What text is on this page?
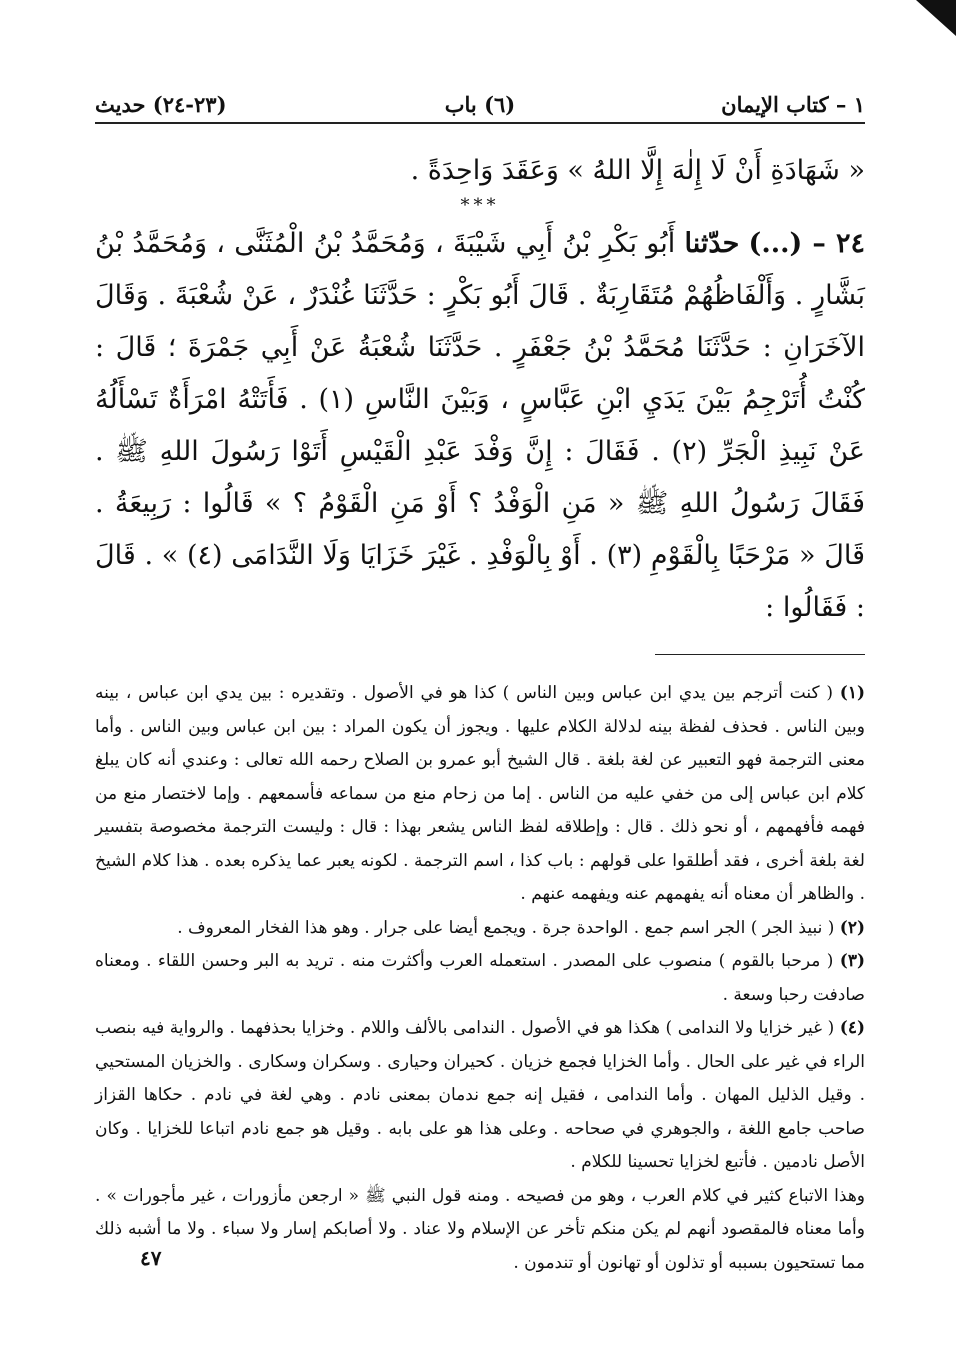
١ – كتاب الإيمان
(٦) باب
(٢٣-٢٤) حديث
« شَهَادَةِ أَنْ لَا إِلٰهَ إِلَّا اللهُ » وَعَقَدَ وَاحِدَةً .
***
٢٤ – (...) حدّثنا أَبُو بَكْرِ بْنُ أَبِي شَيْبَةَ ، وَمُحَمَّدُ بْنُ الْمُثَنَّى ، وَمُحَمَّدُ بْنُ بَشَّارٍ . وَأَلْفَاظُهُمْ مُتَقَارِبَةٌ . قَالَ أَبُو بَكْرٍ : حَدَّثَنَا غُنْدَرٌ ، عَنْ شُعْبَةَ . وَقَالَ الآخَرَانِ : حَدَّثَنَا مُحَمَّدُ بْنُ جَعْفَرٍ . حَدَّثَنَا شُعْبَةُ عَنْ أَبِي جَمْرَةَ ؛ قَالَ : كُنْتُ أُتَرْجِمُ بَيْنَ يَدَيِ ابْنِ عَبَّاسٍ ، وَبَيْنَ النَّاسِ (١) . فَأَتَتْهُ امْرَأَةٌ تَسْأَلُهُ عَنْ نَبِيذِ الْجَرِّ (٢) . فَقَالَ : إِنَّ وَفْدَ عَبْدِ الْقَيْسِ أَتَوْا رَسُولَ اللهِ ﷺ . فَقَالَ رَسُولُ اللهِ ﷺ « مَنِ الْوَفْدُ ؟ أَوْ مَنِ الْقَوْمُ ؟ » قَالُوا : رَبِيعَةُ . قَالَ « مَرْحَبًا بِالْقَوْمِ (٣) . أَوْ بِالْوَفْدِ . غَيْرَ خَزَايَا وَلَا النَّدَامَى (٤) » . قَالَ : فَقَالُوا :

(١) ( كنت أترجم بين يدي ابن عباس وبين الناس ) كذا هو في الأصول . وتقديره : بين يدي ابن عباس ، بينه وبين الناس . فحذف لفظة بينه لدلالة الكلام عليها . ويجوز أن يكون المراد : بين ابن عباس وبين الناس . وأما معنى الترجمة فهو التعبير عن لغة بلغة . قال الشيخ أبو عمرو بن الصلاح رحمه الله تعالى : وعندي أنه كان يبلغ كلام ابن عباس إلى من خفي عليه من الناس . إما من زحام منع من سماعه فأسمعهم . وإما لاختصار منع من فهمه فأفهمهم ، أو نحو ذلك . قال : وإطلاقه لفظ الناس يشعر بهذا : قال : وليست الترجمة مخصوصة بتفسير لغة بلغة أخرى ، فقد أطلقوا على قولهم : باب كذا ، اسم الترجمة . لكونه يعبر عما يذكره بعده . هذا كلام الشيخ . والظاهر أن معناه أنه يفهمهم عنه ويفهمه عنهم .

(٢) ( نبيذ الجر ) الجر اسم جمع . الواحدة جرة . ويجمع أيضا على جرار . وهو هذا الفخار المعروف .

(٣) ( مرحبا بالقوم ) منصوب على المصدر . استعمله العرب وأكثرت منه . تريد به البر وحسن اللقاء . ومعناه صادفت رحبا وسعة .

(٤) ( غير خزايا ولا الندامى ) هكذا هو في الأصول . الندامى بالألف واللام . وخزايا بحذفهما . والرواية فيه بنصب الراء في غير على الحال . وأما الخزايا فجمع خزيان . كحيران وحيارى . وسكران وسكارى . والخزيان المستحيي . وقيل الذليل المهان . وأما الندامى ، فقيل إنه جمع ندمان بمعنى نادم . وهي لغة في نادم . حكاها القزاز صاحب جامع اللغة ، والجوهري في صحاحه . وعلى هذا هو على بابه . وقيل هو جمع نادم اتباعا للخزايا . وكان الأصل نادمين . فأتبع لخزايا تحسينا للكلام .

وهذا الاتباع كثير في كلام العرب ، وهو من فصيحه . ومنه قول النبي ﷺ « ارجعن مأزورات ، غير مأجورات » . وأما معناه فالمقصود أنهم لم يكن منكم تأخر عن الإسلام ولا عناد . ولا أصابكم إسار ولا سباء . ولا ما أشبه ذلك مما تستحيون بسببه أو تذلون أو تهانون أو تندمون .

٤٧
